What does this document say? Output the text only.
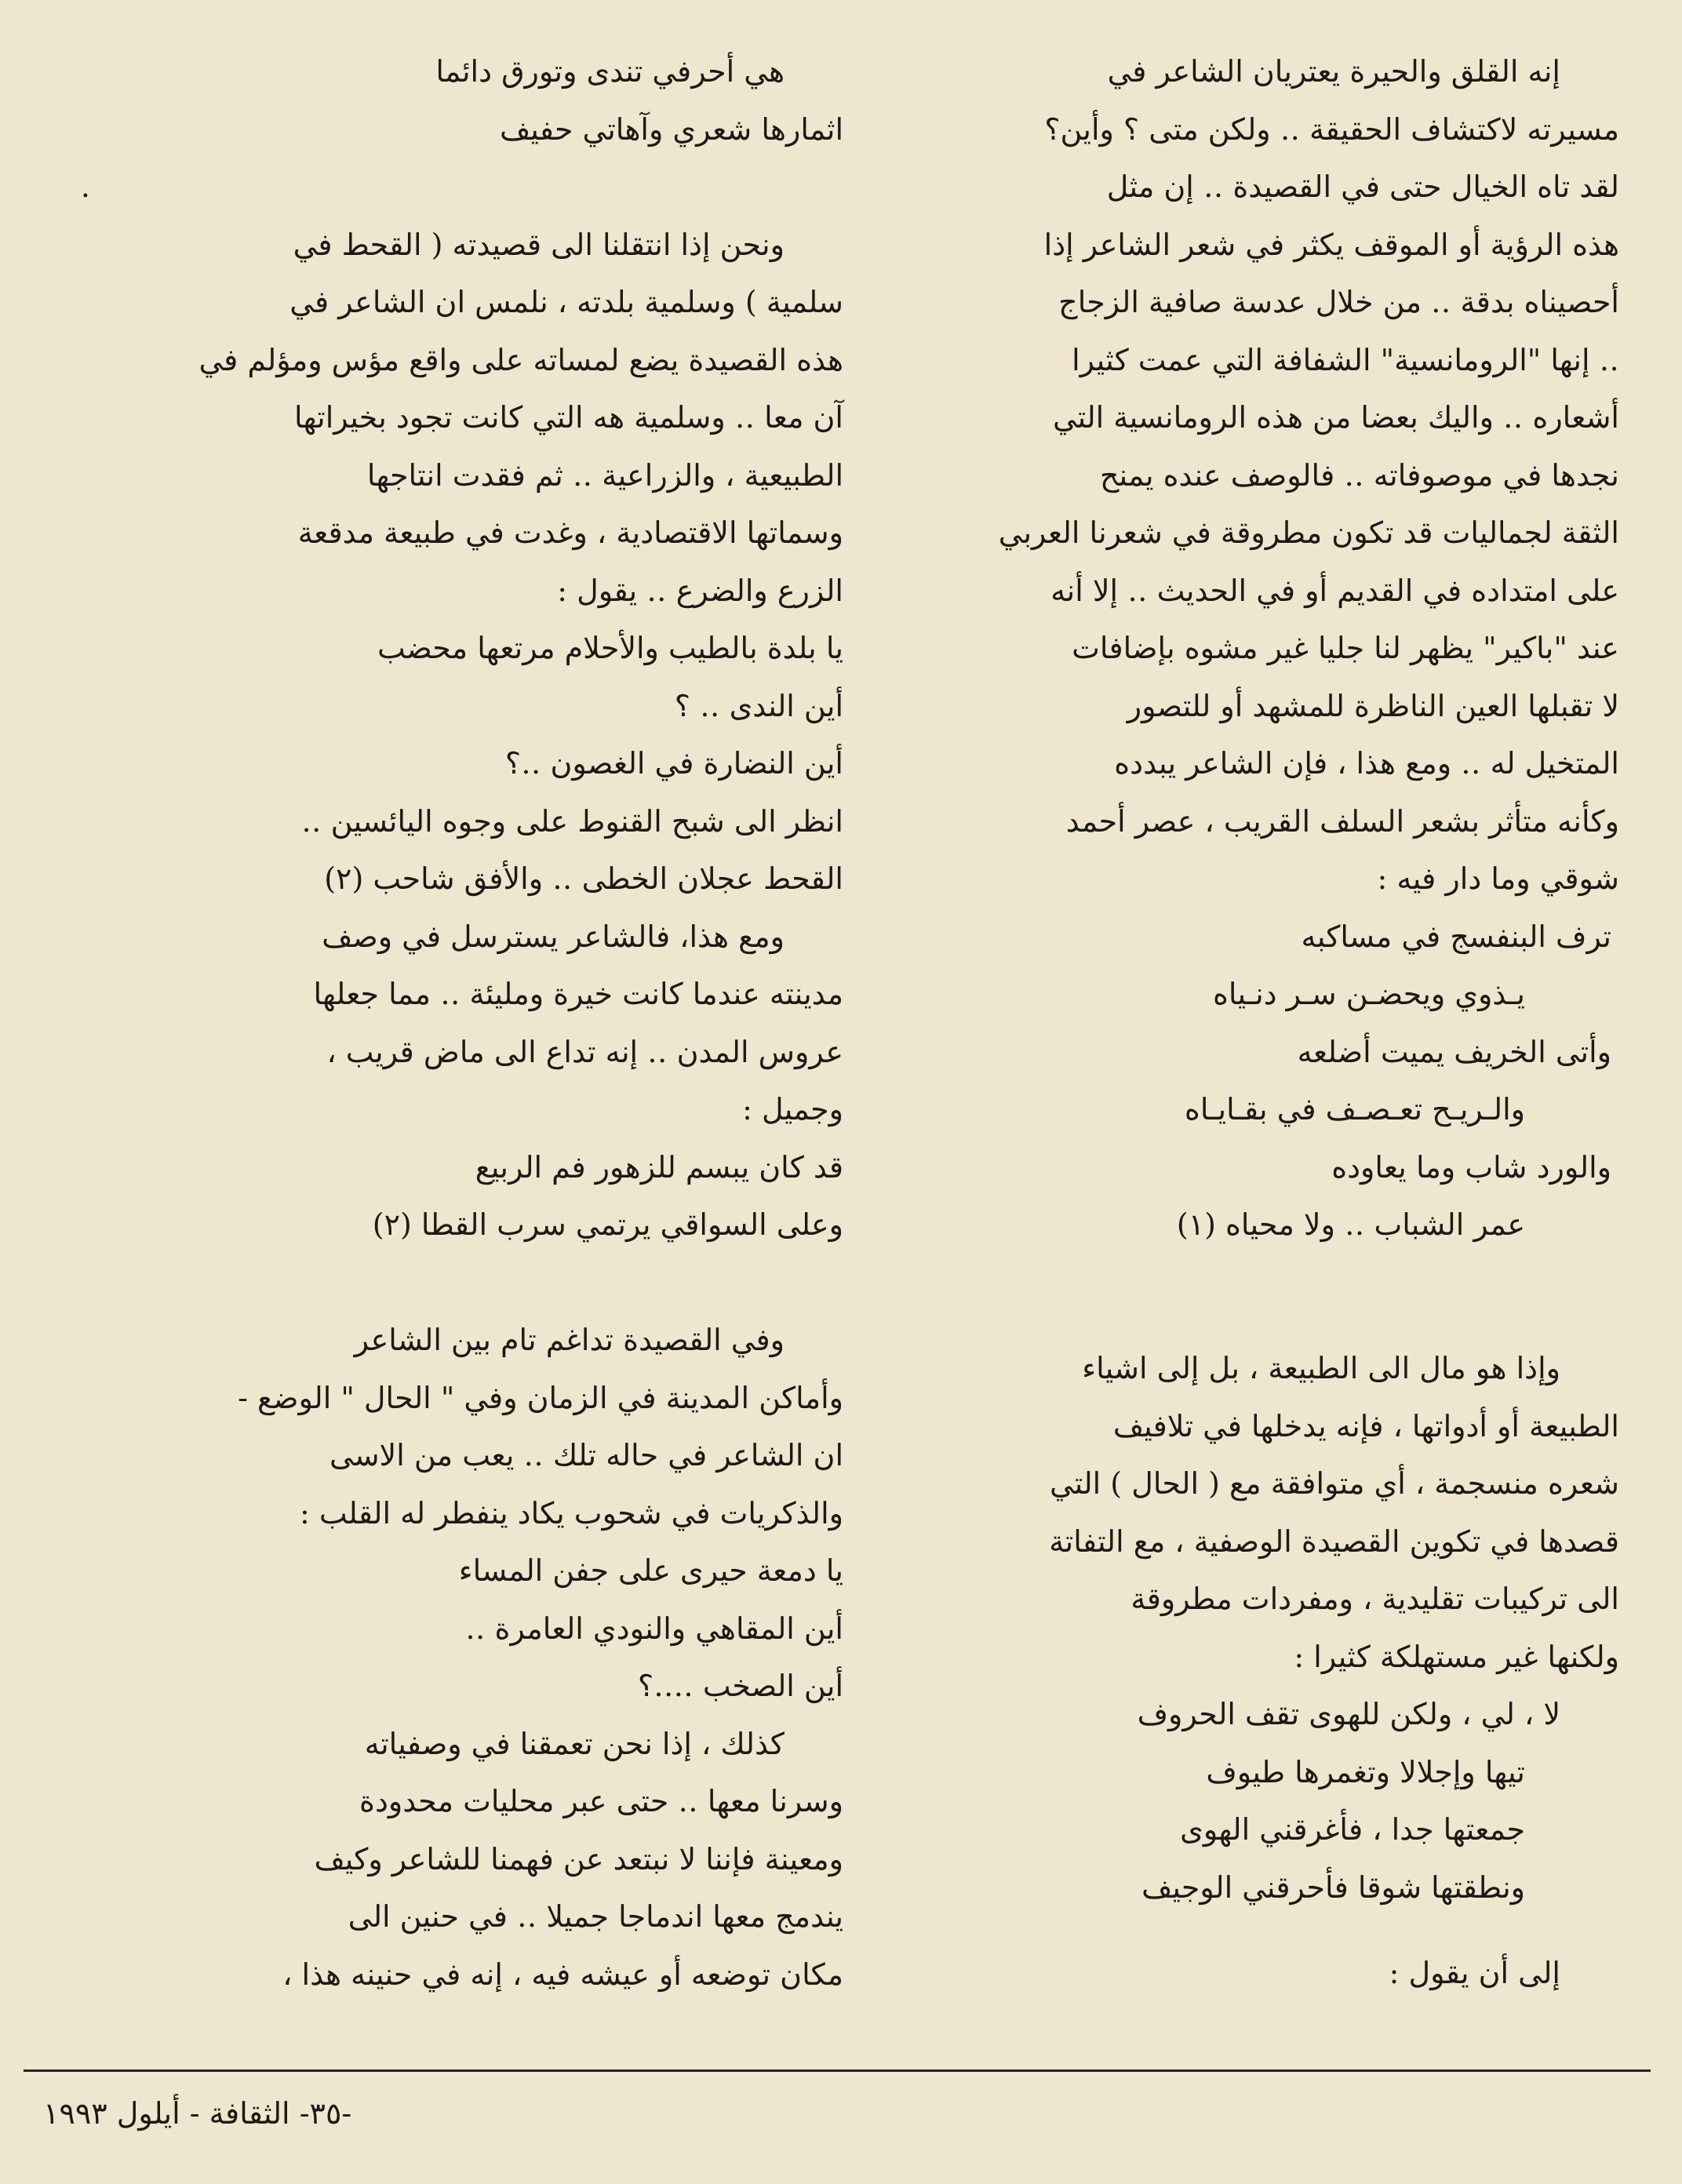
إنه القلق والحيرة يعتريان الشاعر في
مسيرته لاكتشاف الحقيقة ‥ ولكن متى ؟ وأين؟
لقد تاه الخيال حتى في القصيدة ‥ إن مثل
هذه الرؤية أو الموقف يكثر في شعر الشاعر إذا
أحصيناه بدقة ‥ من خلال عدسة صافية الزجاج
‥ إنها "الرومانسية" الشفافة التي عمت كثيرا
أشعاره ‥ واليك بعضا من هذه الرومانسية التي
نجدها في موصوفاته ‥ فالوصف عنده يمنح
الثقة لجماليات قد تكون مطروقة في شعرنا العربي
على امتداده في القديم أو في الحديث ‥ إلا أنه
عند "باكير" يظهر لنا جليا غير مشوه بإضافات
لا تقبلها العين الناظرة للمشهد أو للتصور
المتخيل له ‥ ومع هذا ، فإن الشاعر يبدده
وكأنه متأثر بشعر السلف القريب ، عصر أحمد
شوقي وما دار فيه :
ترف البنفسج في مساكبه
يـذوي ويحضـن سـر دنـياه
وأتى الخريف يميت أضلعه
والـريـح تعـصـف في بقـايـاه
والورد شاب وما يعاوده
عمر الشباب ‥ ولا محياه (١)
وإذا هو مال الى الطبيعة ، بل إلى اشياء
الطبيعة أو أدواتها ، فإنه يدخلها في تلافيف
شعره منسجمة ، أي متوافقة مع ( الحال ) التي
قصدها في تكوين القصيدة الوصفية ، مع التفاتة
الى تركيبات تقليدية ، ومفردات مطروقة
ولكنها غير مستهلكة كثيرا :
لا ، لي ، ولكن للهوى تقف الحروف
تيها وإجلالا وتغمرها طيوف
جمعتها جدا ، فأغرقني الهوى
ونطقتها شوقا فأحرقني الوجيف
إلى أن يقول :
هي أحرفي تندى وتورق دائما
اثمارها شعري وآهاتي حفيف
.
ونحن إذا انتقلنا الى قصيدته ( القحط في
سلمية ) وسلمية بلدته ، نلمس ان الشاعر في
هذه القصيدة يضع لمساته على واقع مؤس ومؤلم في
آن معا ‥ وسلمية هه التي كانت تجود بخيراتها
الطبيعية ، والزراعية ‥ ثم فقدت انتاجها
وسماتها الاقتصادية ، وغدت في طبيعة مدقعة
الزرع والضرع ‥ يقول :
يا بلدة بالطيب والأحلام مرتعها محضب
أين الندى ‥ ؟
أين النضارة في الغصون ‥؟
انظر الى شبح القنوط على وجوه اليائسين ‥
القحط عجلان الخطى ‥ والأفق شاحب (٢)
ومع هذا، فالشاعر يسترسل في وصف
مدينته عندما كانت خيرة ومليئة ‥ مما جعلها
عروس المدن ‥ إنه تداع الى ماض قريب ،
وجميل :
قد كان يبسم للزهور فم الربيع
وعلى السواقي يرتمي سرب القطا (٢)
وفي القصيدة تداغم تام بين الشاعر
وأماكن المدينة في الزمان وفي " الحال " الوضع -
ان الشاعر في حاله تلك ‥ يعب من الاسى
والذكريات في شحوب يكاد ينفطر له القلب :
يا دمعة حيرى على جفن المساء
أين المقاهي والنودي العامرة ‥
أين الصخب ‥‥؟
كذلك ، إذا نحن تعمقنا في وصفياته
وسرنا معها ‥ حتى عبر محليات محدودة
ومعينة فإننا لا نبتعد عن فهمنا للشاعر وكيف
يندمج معها اندماجا جميلا ‥ في حنين الى
مكان توضعه أو عيشه فيه ، إنه في حنينه هذا ،
-٣٥- الثقافة - أيلول ١٩٩٣
